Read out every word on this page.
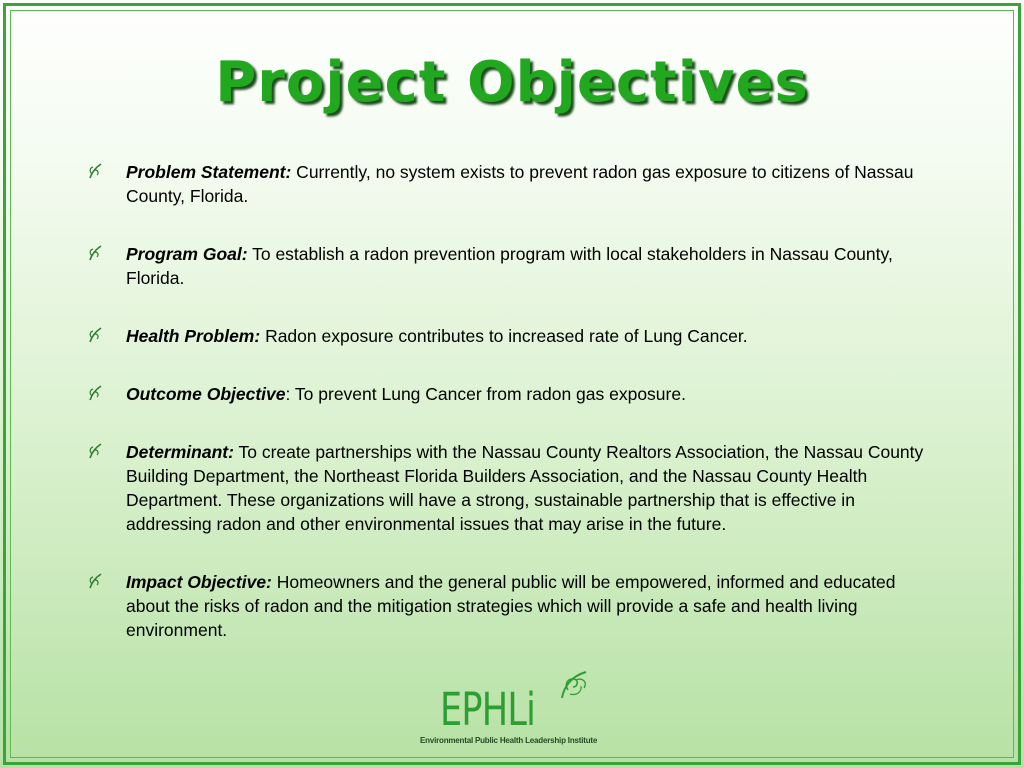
Project Objectives
Problem Statement: Currently, no system exists to prevent radon gas exposure to citizens of Nassau County, Florida.
Program Goal: To establish a radon prevention program with local stakeholders in Nassau County, Florida.
Health Problem: Radon exposure contributes to increased rate of Lung Cancer.
Outcome Objective: To prevent Lung Cancer from radon gas exposure.
Determinant: To create partnerships with the Nassau County Realtors Association, the Nassau County Building Department, the Northeast Florida Builders Association, and the Nassau County Health Department. These organizations will have a strong, sustainable partnership that is effective in addressing radon and other environmental issues that may arise in the future.
Impact Objective: Homeowners and the general public will be empowered, informed and educated about the risks of radon and the mitigation strategies which will provide a safe and health living environment.
EPHLi
Environmental Public Health Leadership Institute
